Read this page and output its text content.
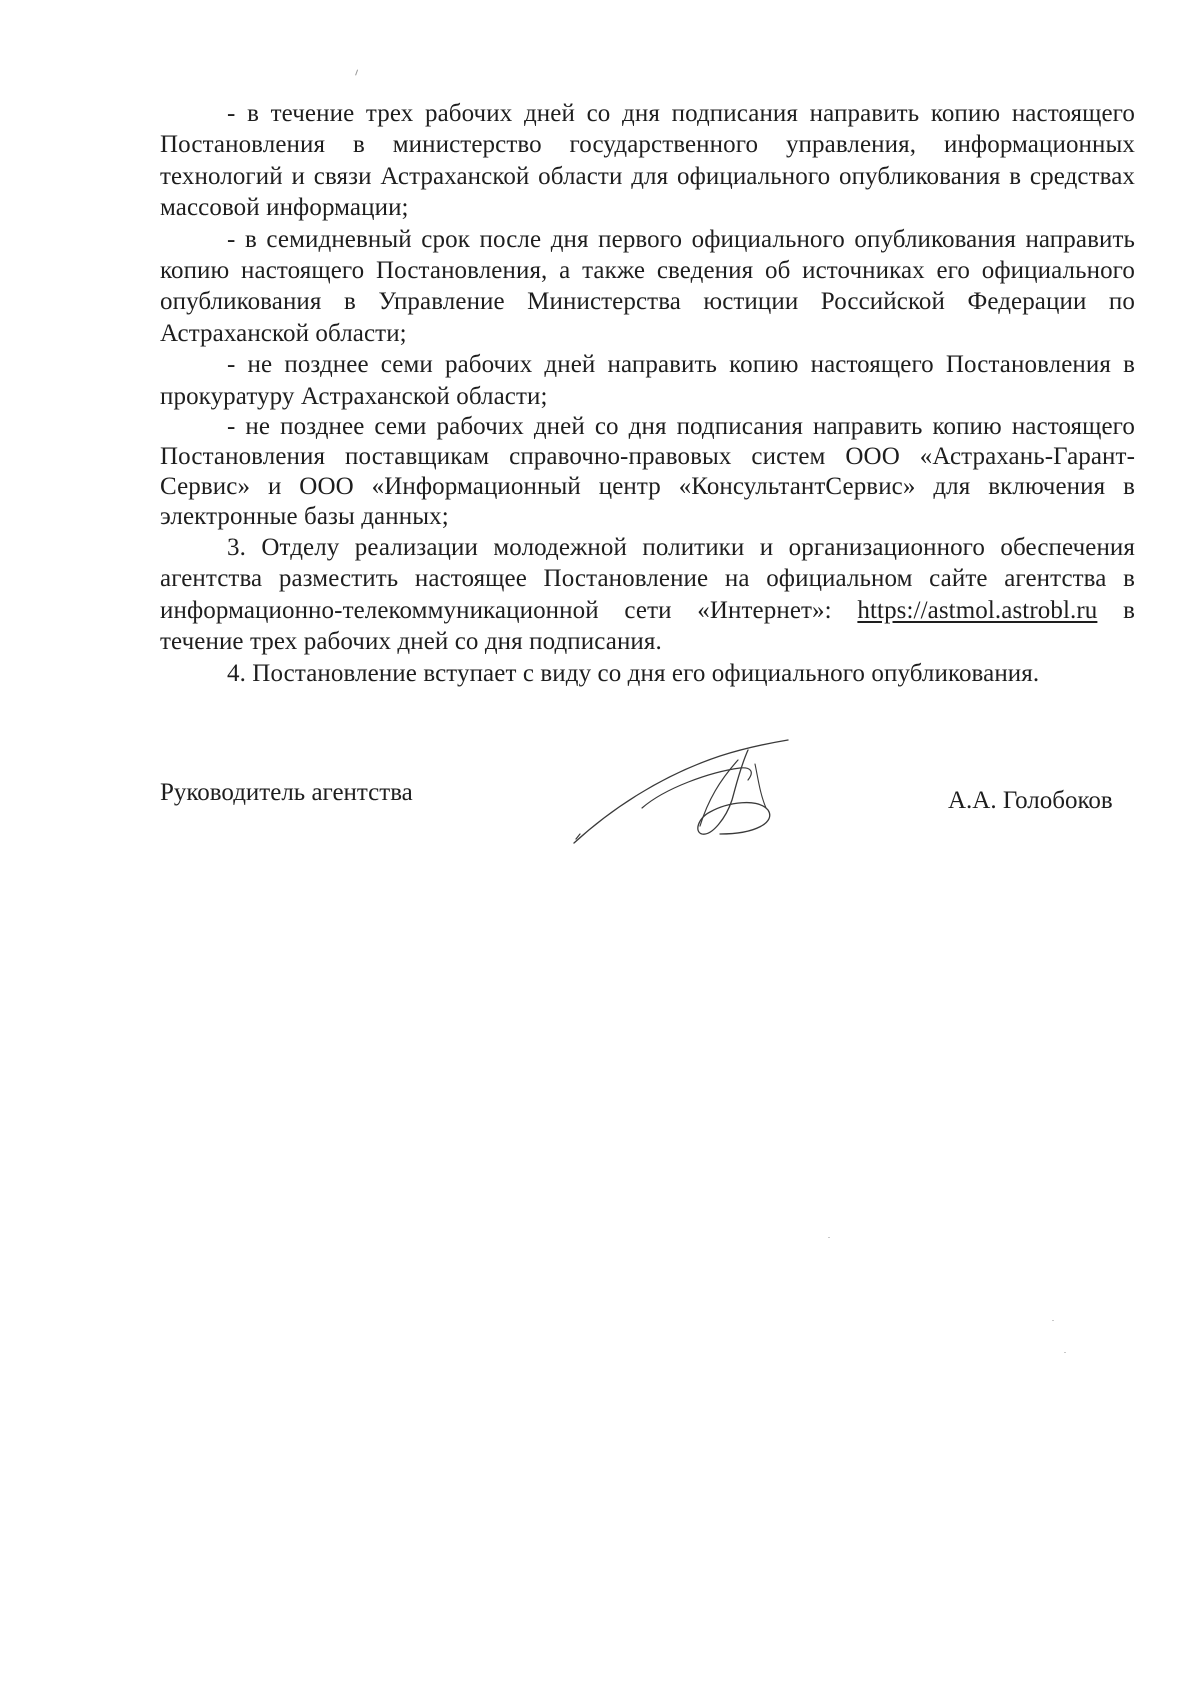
- в течение трех рабочих дней со дня подписания направить копию настоящего Постановления в министерство государственного управления, информационных технологий и связи Астраханской области для официального опубликования в средствах массовой информации;

- в семидневный срок после дня первого официального опубликования направить копию настоящего Постановления, а также сведения об источниках его официального опубликования в Управление Министерства юстиции Российской Федерации по Астраханской области;

- не позднее семи рабочих дней направить копию настоящего Постановления в прокуратуру Астраханской области;

- не позднее семи рабочих дней со дня подписания направить копию настоящего Постановления поставщикам справочно-правовых систем ООО «Астрахань-Гарант-Сервис» и ООО «Информационный центр «КонсультантСервис» для включения в электронные базы данных;

3. Отделу реализации молодежной политики и организационного обеспечения агентства разместить настоящее Постановление на официальном сайте агентства в информационно-телекоммуникационной сети «Интернет»: https://astmol.astrobl.ru в течение трех рабочих дней со дня подписания.

4. Постановление вступает с виду со дня его официального опубликования.

Руководитель агентства	А.А. Голобоков
